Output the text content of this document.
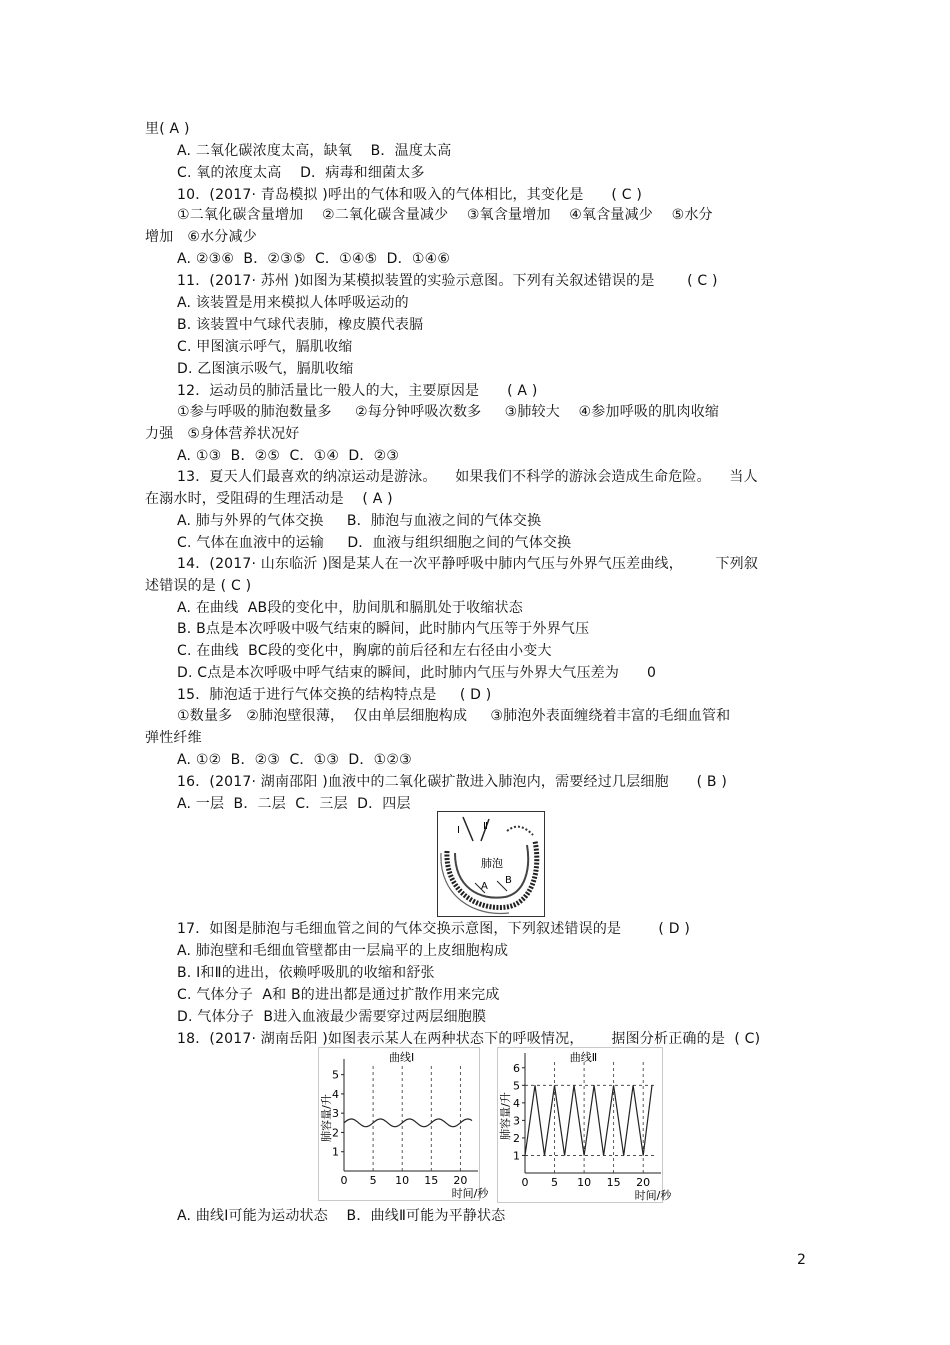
里( A )
A. 二氧化碳浓度太高，缺氧    B．温度太高
C. 氧的浓度太高    D．病毒和细菌太多
10．(2017· 青岛模拟 )呼出的气体和吸入的气体相比，其变化是      ( C )
①二氧化碳含量增加    ②二氧化碳含量减少    ③氧含量增加    ④氧含量减少    ⑤水分
增加   ⑥水分减少
A. ②③⑥  B．②③⑤  C．①④⑤  D．①④⑥
11．(2017· 苏州 )如图为某模拟装置的实验示意图。下列有关叙述错误的是       ( C )
A. 该装置是用来模拟人体呼吸运动的
B. 该装置中气球代表肺，橡皮膜代表膈
C. 甲图演示呼气，膈肌收缩
D. 乙图演示吸气，膈肌收缩
12．运动员的肺活量比一般人的大，主要原因是      ( A )
①参与呼吸的肺泡数量多     ②每分钟呼吸次数多     ③肺较大    ④参加呼吸的肌肉收缩
力强   ⑤身体营养状况好
A. ①③  B．②⑤  C．①④  D．②③
13．夏天人们最喜欢的纳凉运动是游泳。    如果我们不科学的游泳会造成生命危险。    当人
在溺水时，受阻碍的生理活动是    ( A )
A. 肺与外界的气体交换     B．肺泡与血液之间的气体交换
C. 气体在血液中的运输     D．血液与组织细胞之间的气体交换
14．(2017· 山东临沂 )图是某人在一次平静呼吸中肺内气压与外界气压差曲线，       下列叙
述错误的是 ( C )
A. 在曲线  AB段的变化中，肋间肌和膈肌处于收缩状态
B. B点是本次呼吸中吸气结束的瞬间，此时肺内气压等于外界气压
C. 在曲线  BC段的变化中，胸廓的前后径和左右径由小变大
D. C点是本次呼吸中呼气结束的瞬间，此时肺内气压与外界大气压差为      0
15．肺泡适于进行气体交换的结构特点是     ( D )
①数量多   ②肺泡壁很薄，  仅由单层细胞构成     ③肺泡外表面缠绕着丰富的毛细血管和
弹性纤维
A. ①②  B．②③  C．①③  D．①②③
16．(2017· 湖南邵阳 )血液中的二氧化碳扩散进入肺泡内，需要经过几层细胞      ( B )
A. 一层  B．二层  C．三层  D．四层
17．如图是肺泡与毛细血管之间的气体交换示意图，下列叙述错误的是        ( D )
A. 肺泡壁和毛细血管壁都由一层扁平的上皮细胞构成
B. Ⅰ和Ⅱ的进出，依赖呼吸肌的收缩和舒张
C. 气体分子  A和 B的进出都是通过扩散作用来完成
D. 气体分子  B进入血液最少需要穿过两层细胞膜
18．(2017· 湖南岳阳 )如图表示某人在两种状态下的呼吸情况，      据图分析正确的是  ( C)
A. 曲线Ⅰ可能为运动状态    B．曲线Ⅱ可能为平静状态
Ⅰ Ⅱ
肺泡
A
B
0 5 10 15 20
1
2
3
4
5
曲线Ⅰ
时间/秒
肺容量/升
0 5 10 15 20
1
2
3
4
5
6
曲线Ⅱ
时间/秒
肺容量/升
2
